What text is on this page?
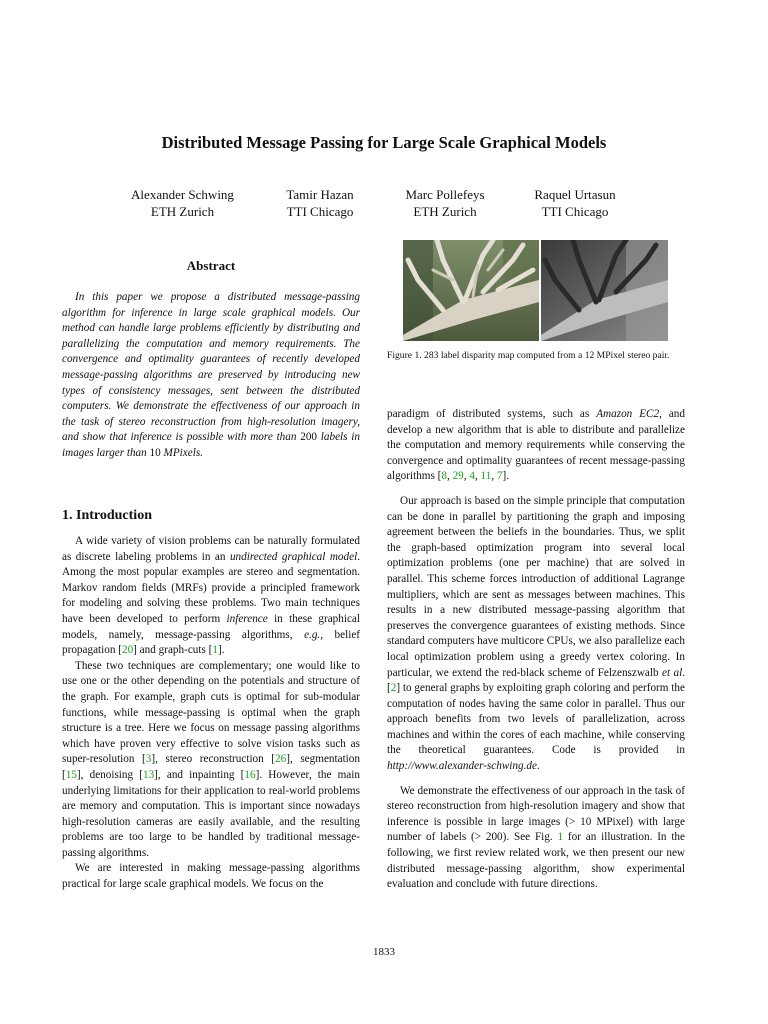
Distributed Message Passing for Large Scale Graphical Models
Alexander Schwing
ETH Zurich
Tamir Hazan
TTI Chicago
Marc Pollefeys
ETH Zurich
Raquel Urtasun
TTI Chicago
Abstract

In this paper we propose a distributed message-passing algorithm for inference in large scale graphical models. Our method can handle large problems efficiently by distributing and parallelizing the computation and memory requirements. The convergence and optimality guarantees of recently developed message-passing algorithms are preserved by introducing new types of consistency messages, sent between the distributed computers. We demonstrate the effectiveness of our approach in the task of stereo reconstruction from high-resolution imagery, and show that inference is possible with more than 200 labels in images larger than 10 MPixels.

1. Introduction

A wide variety of vision problems can be naturally formulated as discrete labeling problems in an undirected graphical model. Among the most popular examples are stereo and segmentation. Markov random fields (MRFs) provide a principled framework for modeling and solving these problems. Two main techniques have been developed to perform inference in these graphical models, namely, message-passing algorithms, e.g., belief propagation [20] and graph-cuts [1].

These two techniques are complementary; one would like to use one or the other depending on the potentials and structure of the graph. For example, graph cuts is optimal for sub-modular functions, while message-passing is optimal when the graph structure is a tree. Here we focus on message passing algorithms which have proven very effective to solve vision tasks such as super-resolution [3], stereo reconstruction [26], segmentation [15], denoising [13], and inpainting [16]. However, the main underlying limitations for their application to real-world problems are memory and computation. This is important since nowadays high-resolution cameras are easily available, and the resulting problems are too large to be handled by traditional message-passing algorithms.

We are interested in making message-passing algorithms practical for large scale graphical models. We focus on the

Figure 1. 283 label disparity map computed from a 12 MPixel stereo pair.

paradigm of distributed systems, such as Amazon EC2, and develop a new algorithm that is able to distribute and parallelize the computation and memory requirements while conserving the convergence and optimality guarantees of recent message-passing algorithms [8, 29, 4, 11, 7].

Our approach is based on the simple principle that computation can be done in parallel by partitioning the graph and imposing agreement between the beliefs in the boundaries. Thus, we split the graph-based optimization program into several local optimization problems (one per machine) that are solved in parallel. This scheme forces introduction of additional Lagrange multipliers, which are sent as messages between machines. This results in a new distributed message-passing algorithm that preserves the convergence guarantees of existing methods. Since standard computers have multicore CPUs, we also parallelize each local optimization problem using a greedy vertex coloring. In particular, we extend the red-black scheme of Felzenszwalb et al. [2] to general graphs by exploiting graph coloring and perform the computation of nodes having the same color in parallel. Thus our approach benefits from two levels of parallelization, across machines and within the cores of each machine, while conserving the theoretical guarantees. Code is provided in http://www.alexander-schwing.de.

We demonstrate the effectiveness of our approach in the task of stereo reconstruction from high-resolution imagery and show that inference is possible in large images (> 10 MPixel) with large number of labels (> 200). See Fig. 1 for an illustration. In the following, we first review related work, we then present our new distributed message-passing algorithm, show experimental evaluation and conclude with future directions.

1833
